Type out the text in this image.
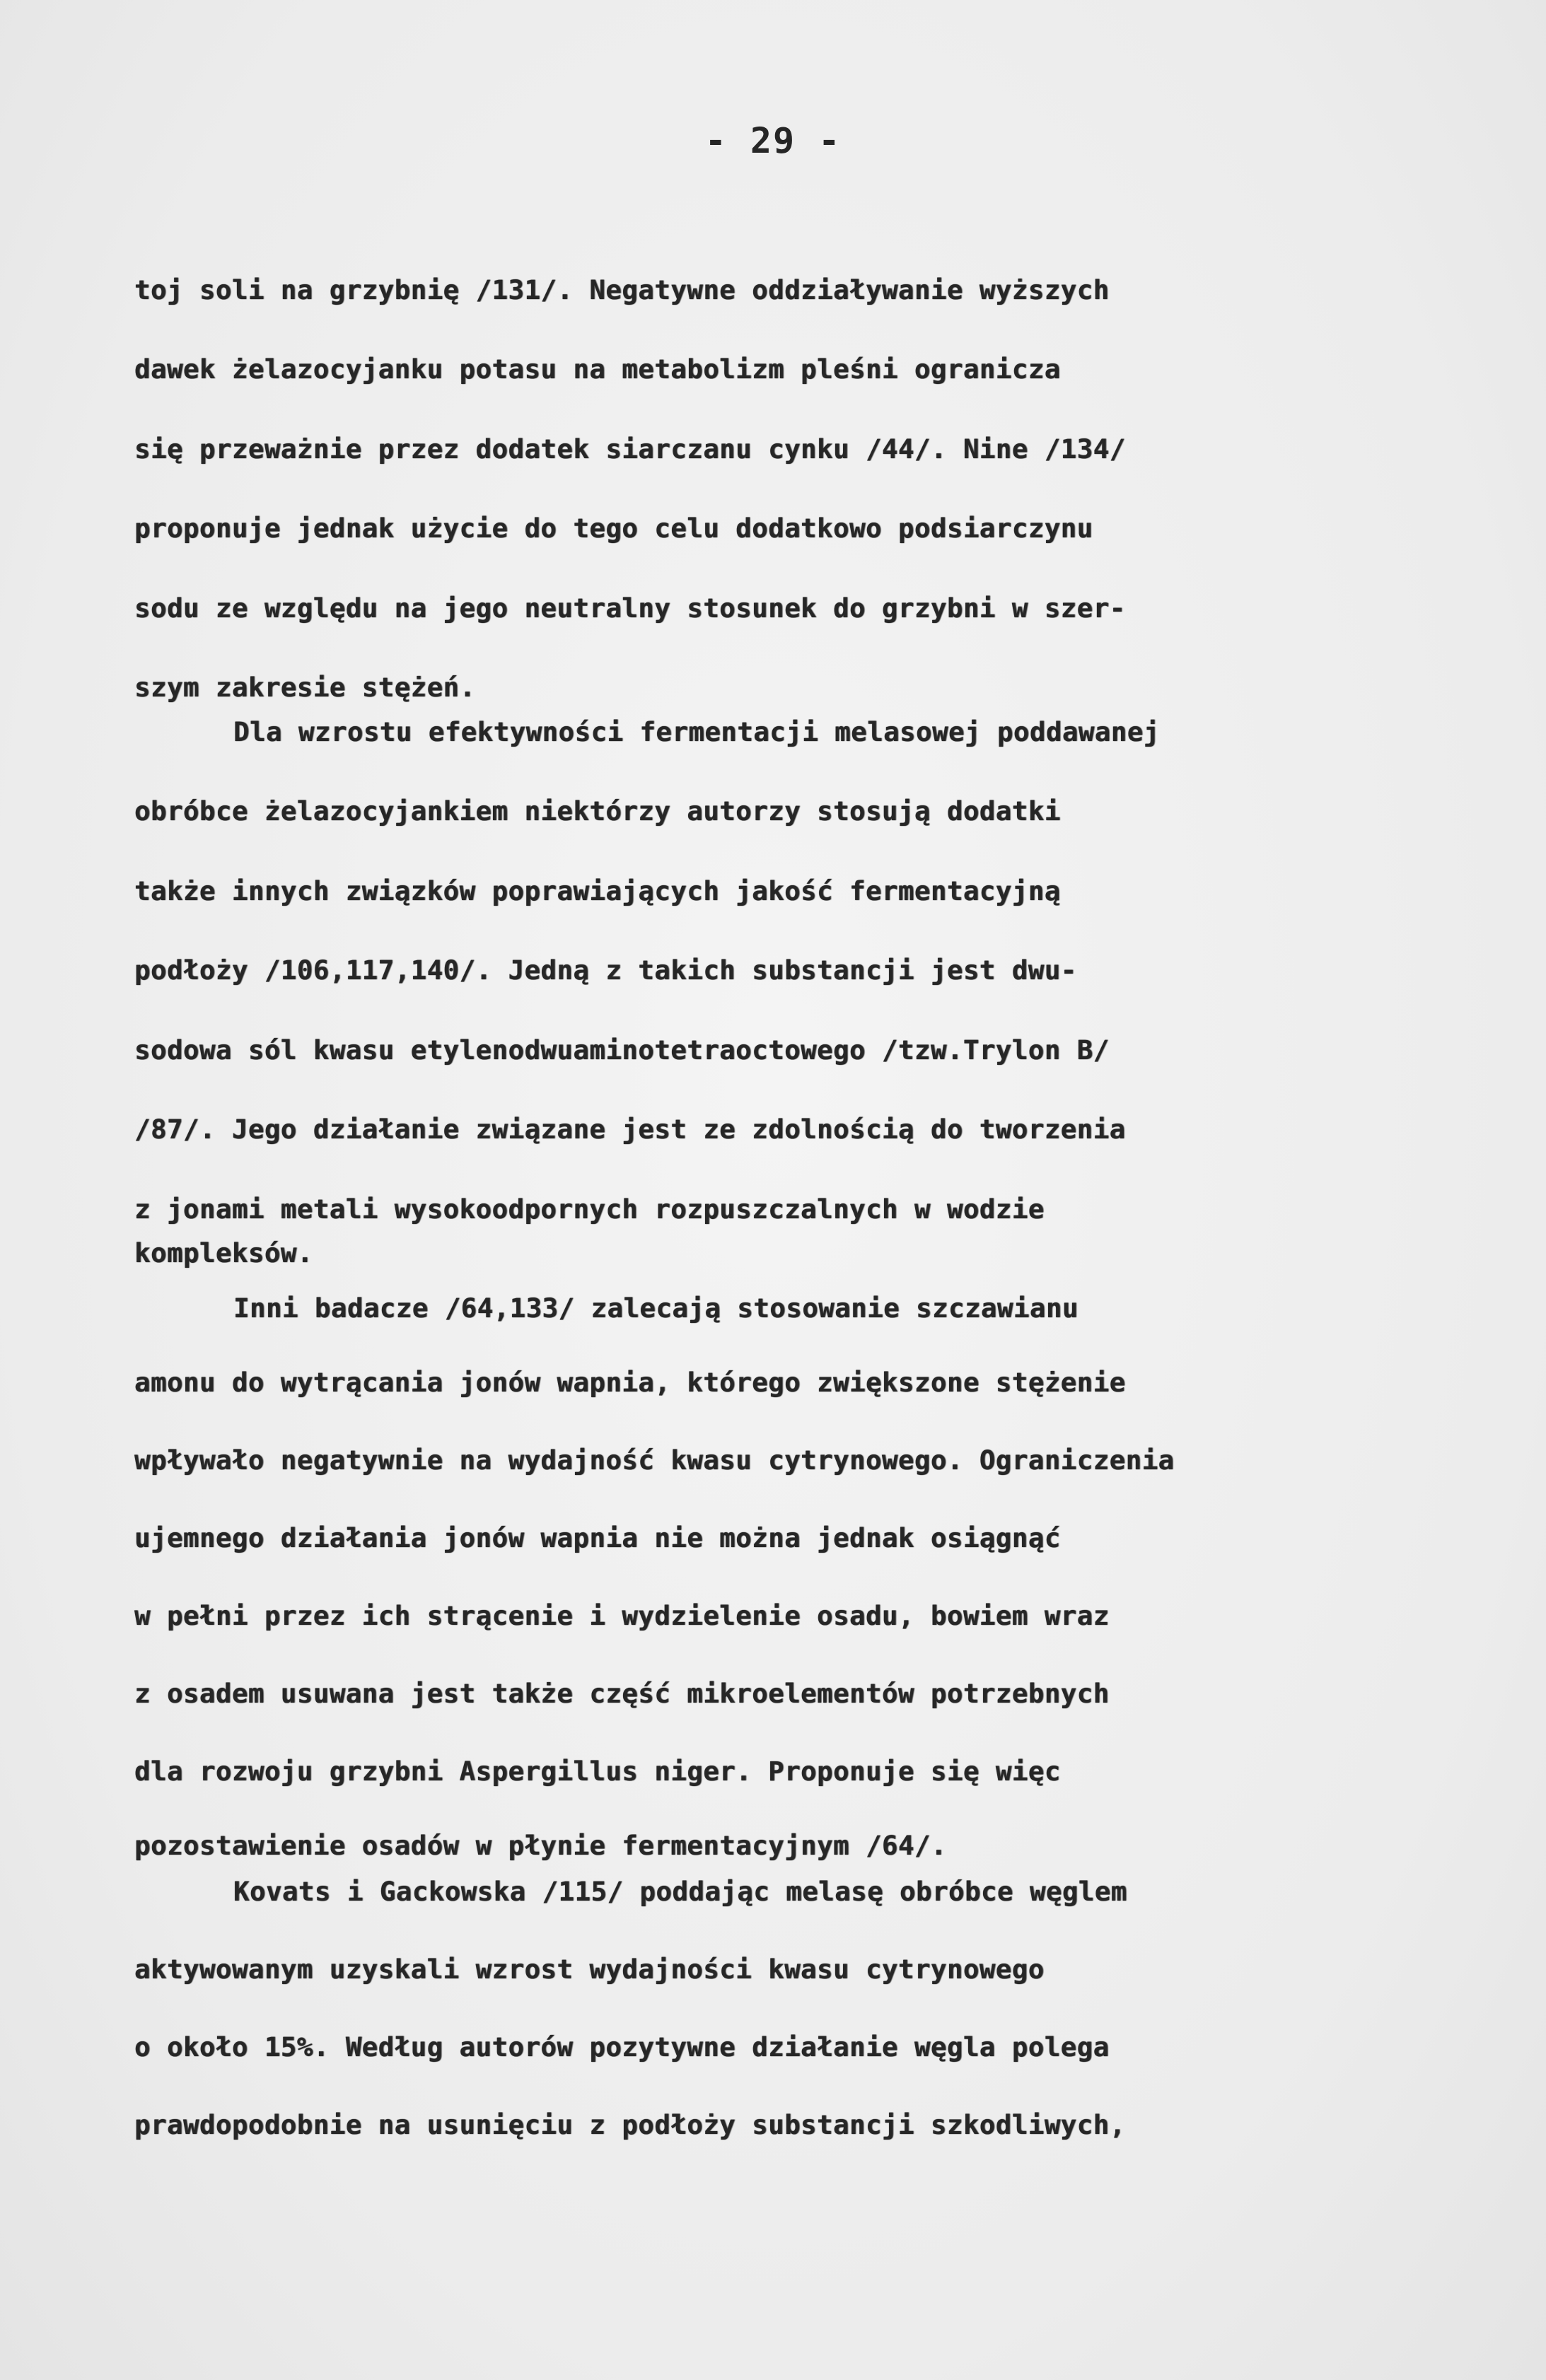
- 29 -
toj soli na grzybnię /131/. Negatywne oddziaływanie wyższych
dawek żelazocyjanku potasu na metabolizm pleśni ogranicza
się przeważnie przez dodatek siarczanu cynku /44/. Nine /134/
proponuje jednak użycie do tego celu dodatkowo podsiarczynu
sodu ze względu na jego neutralny stosunek do grzybni w szer-
szym zakresie stężeń.
Dla wzrostu efektywności fermentacji melasowej poddawanej
obróbce żelazocyjankiem niektórzy autorzy stosują dodatki
także innych związków poprawiających jakość fermentacyjną
podłoży /106,117,140/. Jedną z takich substancji jest dwu-
sodowa sól kwasu etylenodwuaminotetraoctowego /tzw.Trylon B/
/87/. Jego działanie związane jest ze zdolnością do tworzenia
z jonami metali wysokoodpornych rozpuszczalnych w wodzie
kompleksów.
Inni badacze /64,133/ zalecają stosowanie szczawianu
amonu do wytrącania jonów wapnia, którego zwiększone stężenie
wpływało negatywnie na wydajność kwasu cytrynowego. Ograniczenia
ujemnego działania jonów wapnia nie można jednak osiągnąć
w pełni przez ich strącenie i wydzielenie osadu, bowiem wraz
z osadem usuwana jest także część mikroelementów potrzebnych
dla rozwoju grzybni Aspergillus niger. Proponuje się więc
pozostawienie osadów w płynie fermentacyjnym /64/.
Kovats i Gackowska /115/ poddając melasę obróbce węglem
aktywowanym uzyskali wzrost wydajności kwasu cytrynowego
o około 15%. Według autorów pozytywne działanie węgla polega
prawdopodobnie na usunięciu z podłoży substancji szkodliwych,
